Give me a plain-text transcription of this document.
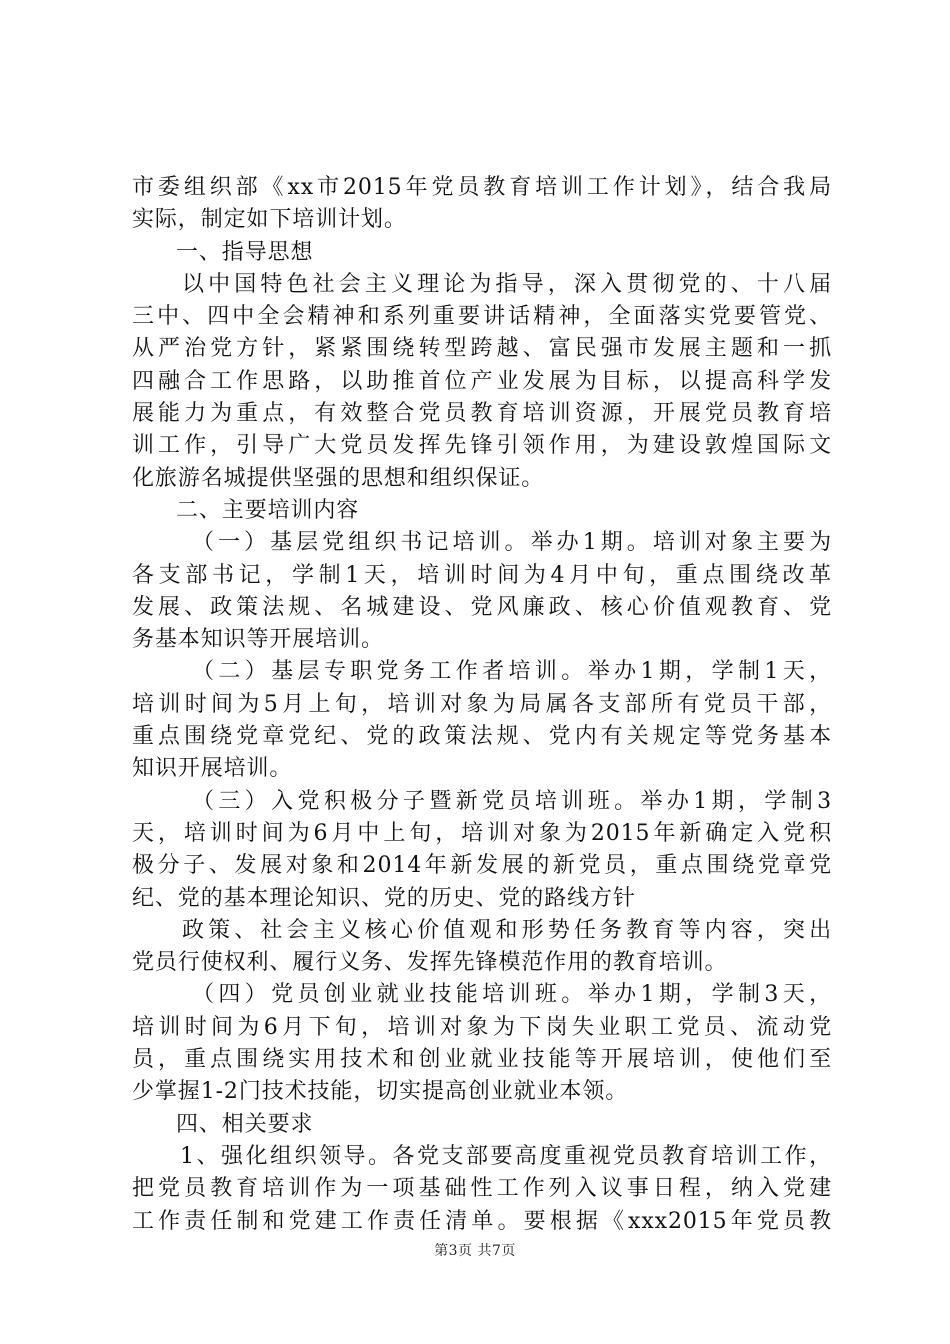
市委组织部《xx市2015年党员教育培训工作计划》，结合我局
实际，制定如下培训计划。
一、指导思想
以中国特色社会主义理论为指导，深入贯彻党的、十八届
三中、四中全会精神和系列重要讲话精神，全面落实党要管党、
从严治党方针，紧紧围绕转型跨越、富民强市发展主题和一抓
四融合工作思路，以助推首位产业发展为目标，以提高科学发
展能力为重点，有效整合党员教育培训资源，开展党员教育培
训工作，引导广大党员发挥先锋引领作用，为建设敦煌国际文
化旅游名城提供坚强的思想和组织保证。
二、主要培训内容
（一）基层党组织书记培训。举办1期。培训对象主要为
各支部书记，学制1天，培训时间为4月中旬，重点围绕改革
发展、政策法规、名城建设、党风廉政、核心价值观教育、党
务基本知识等开展培训。
（二）基层专职党务工作者培训。举办1期，学制1天，
培训时间为5月上旬，培训对象为局属各支部所有党员干部，
重点围绕党章党纪、党的政策法规、党内有关规定等党务基本
知识开展培训。
（三）入党积极分子暨新党员培训班。举办1期，学制3
天，培训时间为6月中上旬，培训对象为2015年新确定入党积
极分子、发展对象和2014年新发展的新党员，重点围绕党章党
纪、党的基本理论知识、党的历史、党的路线方针
政策、社会主义核心价值观和形势任务教育等内容，突出
党员行使权利、履行义务、发挥先锋模范作用的教育培训。
（四）党员创业就业技能培训班。举办1期，学制3天，
培训时间为6月下旬，培训对象为下岗失业职工党员、流动党
员，重点围绕实用技术和创业就业技能等开展培训，使他们至
少掌握1-2门技术技能，切实提高创业就业本领。
四、相关要求
1、强化组织领导。各党支部要高度重视党员教育培训工作，
把党员教育培训作为一项基础性工作列入议事日程，纳入党建
工作责任制和党建工作责任清单。要根据《xxx2015年党员教
第3页 共7页
